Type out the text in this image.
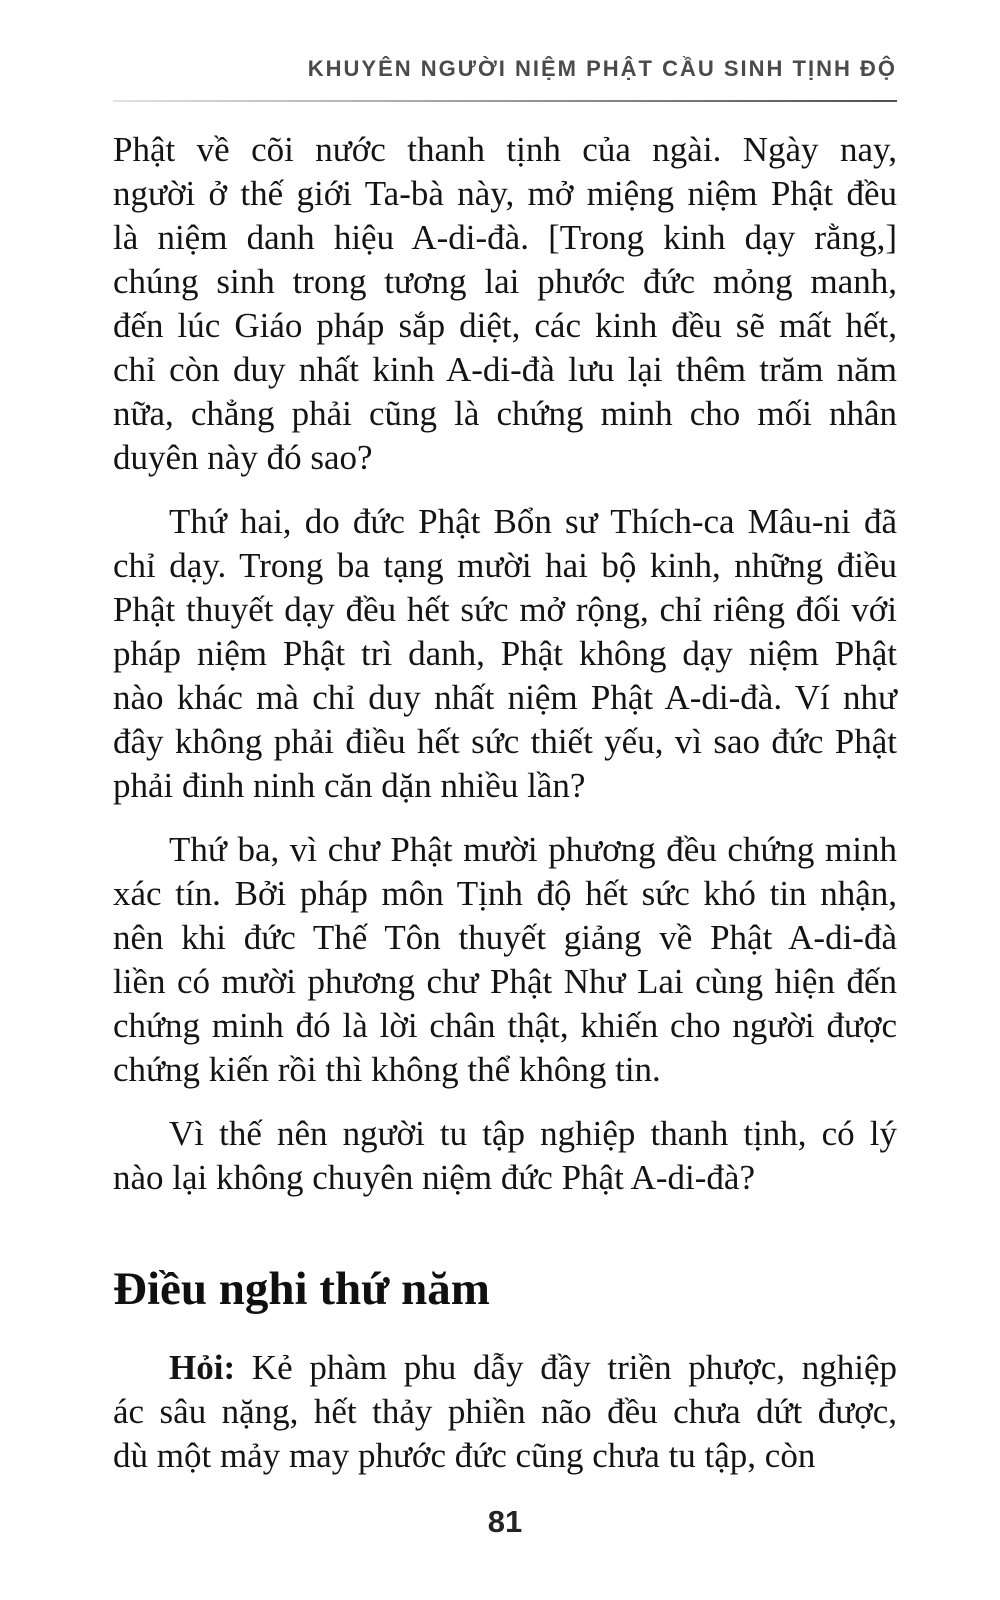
KHUYÊN NGƯỜI NIỆM PHẬT CẦU SINH TỊNH ĐỘ
Phật về cõi nước thanh tịnh của ngài. Ngày nay,
người ở thế giới Ta-bà này, mở miệng niệm Phật đều
là niệm danh hiệu A-di-đà. [Trong kinh dạy rằng,]
chúng sinh trong tương lai phước đức mỏng manh,
đến lúc Giáo pháp sắp diệt, các kinh đều sẽ mất hết,
chỉ còn duy nhất kinh A-di-đà lưu lại thêm trăm năm
nữa, chẳng phải cũng là chứng minh cho mối nhân
duyên này đó sao?
Thứ hai, do đức Phật Bổn sư Thích-ca Mâu-ni đã
chỉ dạy. Trong ba tạng mười hai bộ kinh, những điều
Phật thuyết dạy đều hết sức mở rộng, chỉ riêng đối với
pháp niệm Phật trì danh, Phật không dạy niệm Phật
nào khác mà chỉ duy nhất niệm Phật A-di-đà. Ví như
đây không phải điều hết sức thiết yếu, vì sao đức Phật
phải đinh ninh căn dặn nhiều lần?
Thứ ba, vì chư Phật mười phương đều chứng minh
xác tín. Bởi pháp môn Tịnh độ hết sức khó tin nhận,
nên khi đức Thế Tôn thuyết giảng về Phật A-di-đà
liền có mười phương chư Phật Như Lai cùng hiện đến
chứng minh đó là lời chân thật, khiến cho người được
chứng kiến rồi thì không thể không tin.
Vì thế nên người tu tập nghiệp thanh tịnh, có lý
nào lại không chuyên niệm đức Phật A-di-đà?
Điều nghi thứ năm
Hỏi: Kẻ phàm phu dẫy đầy triền phược, nghiệp
ác sâu nặng, hết thảy phiền não đều chưa dứt được,
dù một mảy may phước đức cũng chưa tu tập, còn
81
